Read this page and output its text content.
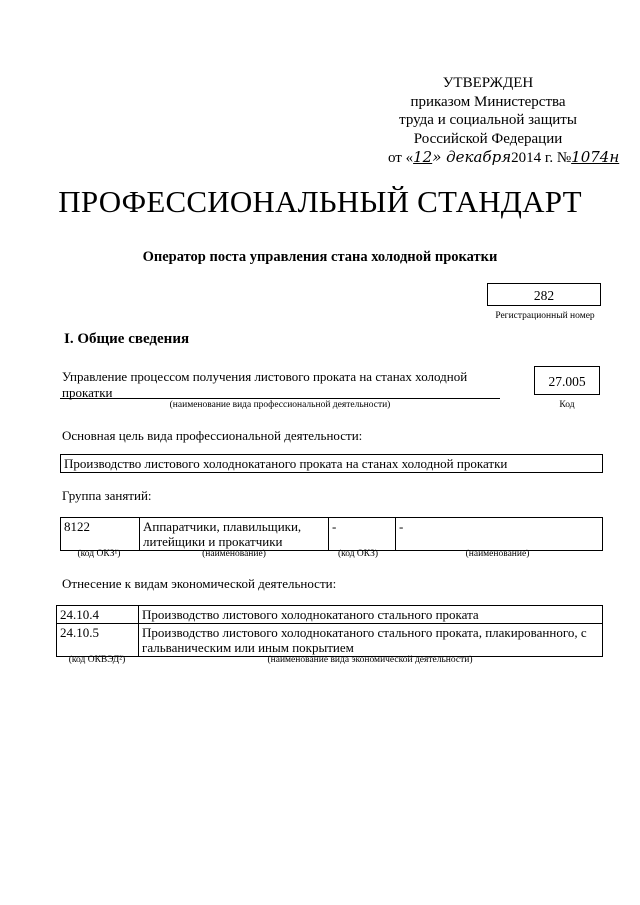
УТВЕРЖДЕН
приказом Министерства
труда и социальной защиты
Российской Федерации
от «12» декабря2014 г. №1074н
ПРОФЕССИОНАЛЬНЫЙ СТАНДАРТ
Оператор поста управления стана холодной прокатки
282
Регистрационный номер
I. Общие сведения
Управление процессом получения листового проката на станах холодной прокатки
(наименование вида профессиональной деятельности)
27.005
Код
Основная цель вида профессиональной деятельности:
Производство листового холоднокатаного проката на станах холодной прокатки
Группа занятий:
8122	Аппаратчики, плавильщики, литейщики и прокатчики	-	-
(код ОКЗ¹)	(наименование)	(код ОКЗ)	(наименование)
Отнесение к видам экономической деятельности:
24.10.4	Производство листового холоднокатаного стального проката
24.10.5	Производство листового холоднокатаного стального проката, плакированного, с гальваническим или иным покрытием
(код ОКВЭД²)	(наименование вида экономической деятельности)
